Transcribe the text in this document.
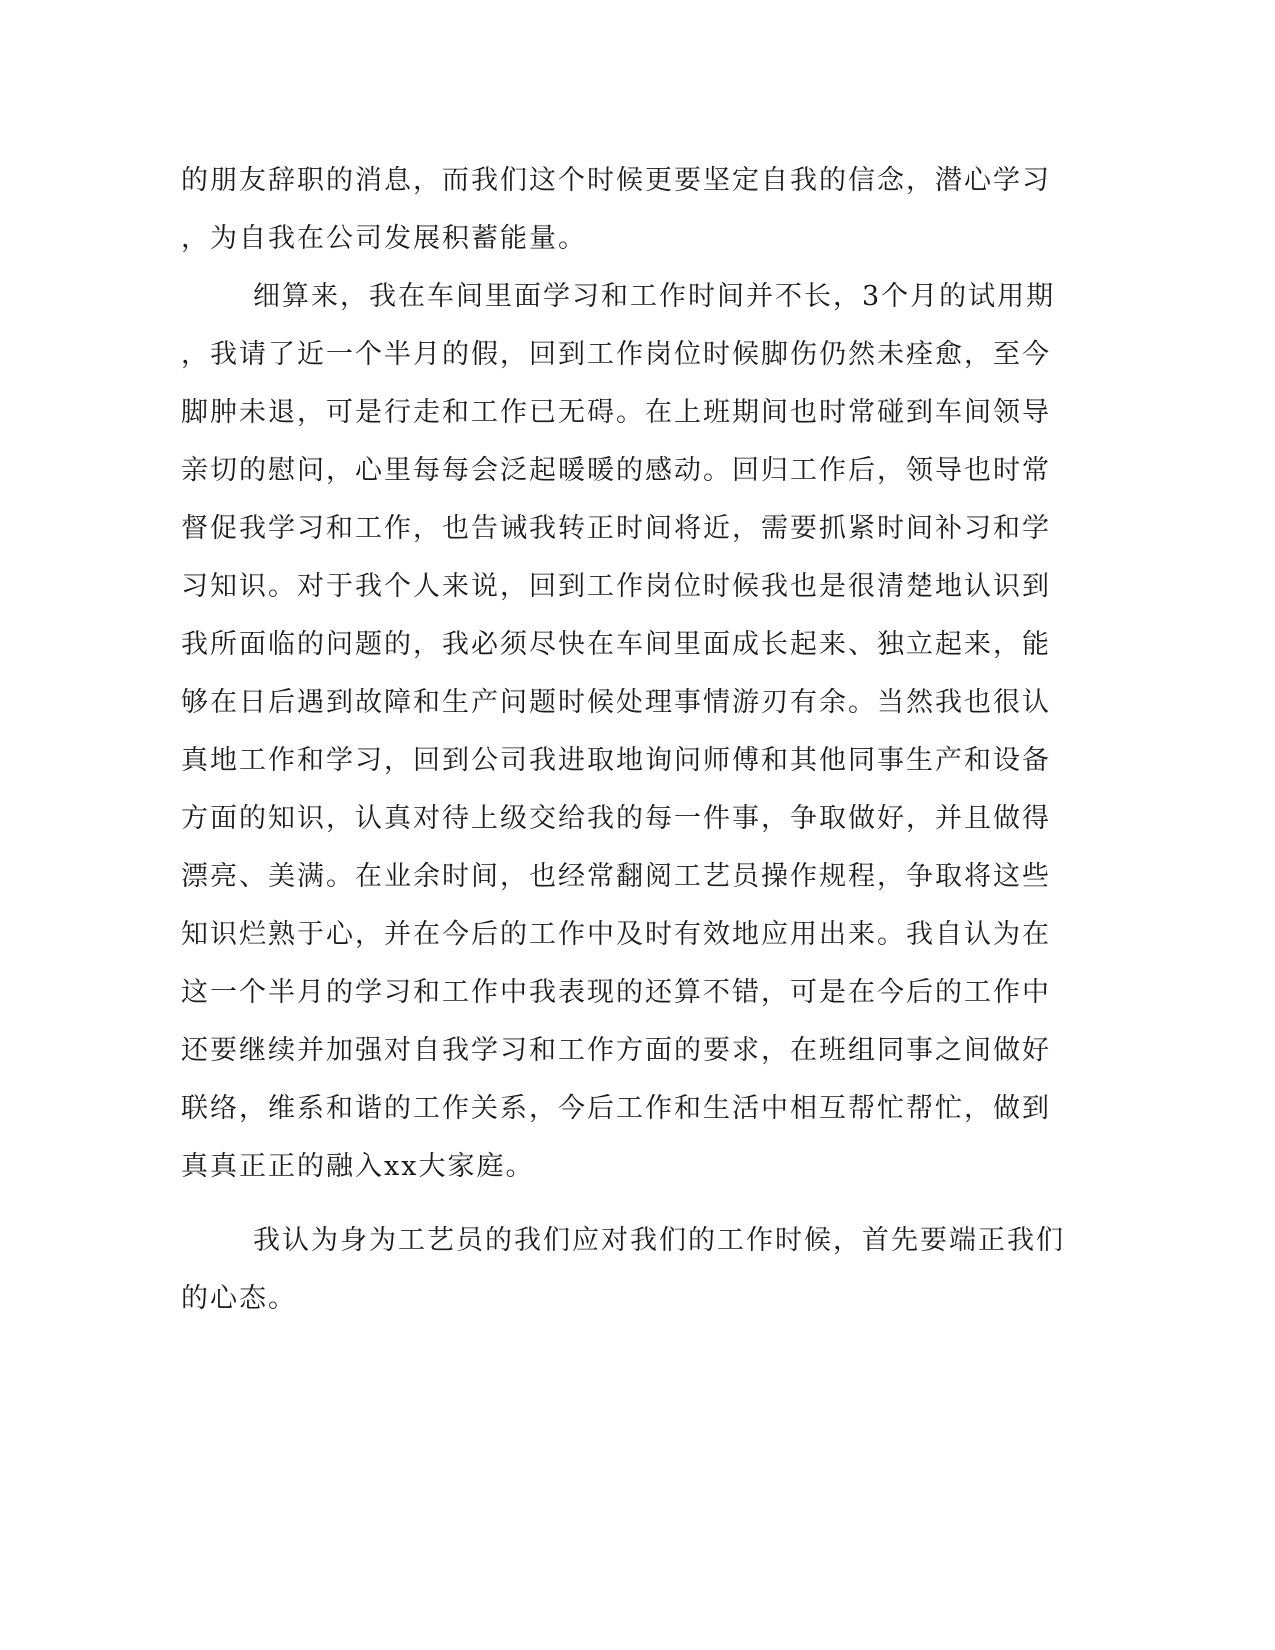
的朋友辞职的消息，而我们这个时候更要坚定自我的信念，潜心学习

，为自我在公司发展积蓄能量。

细算来，我在车间里面学习和工作时间并不长，3个月的试用期

，我请了近一个半月的假，回到工作岗位时候脚伤仍然未痊愈，至今

脚肿未退，可是行走和工作已无碍。在上班期间也时常碰到车间领导

亲切的慰问，心里每每会泛起暖暖的感动。回归工作后，领导也时常

督促我学习和工作，也告诫我转正时间将近，需要抓紧时间补习和学

习知识。对于我个人来说，回到工作岗位时候我也是很清楚地认识到

我所面临的问题的，我必须尽快在车间里面成长起来、独立起来，能

够在日后遇到故障和生产问题时候处理事情游刃有余。当然我也很认

真地工作和学习，回到公司我进取地询问师傅和其他同事生产和设备

方面的知识，认真对待上级交给我的每一件事，争取做好，并且做得

漂亮、美满。在业余时间，也经常翻阅工艺员操作规程，争取将这些

知识烂熟于心，并在今后的工作中及时有效地应用出来。我自认为在

这一个半月的学习和工作中我表现的还算不错，可是在今后的工作中

还要继续并加强对自我学习和工作方面的要求，在班组同事之间做好

联络，维系和谐的工作关系，今后工作和生活中相互帮忙帮忙，做到

真真正正的融入xx大家庭。

我认为身为工艺员的我们应对我们的工作时候，首先要端正我们

的心态。
